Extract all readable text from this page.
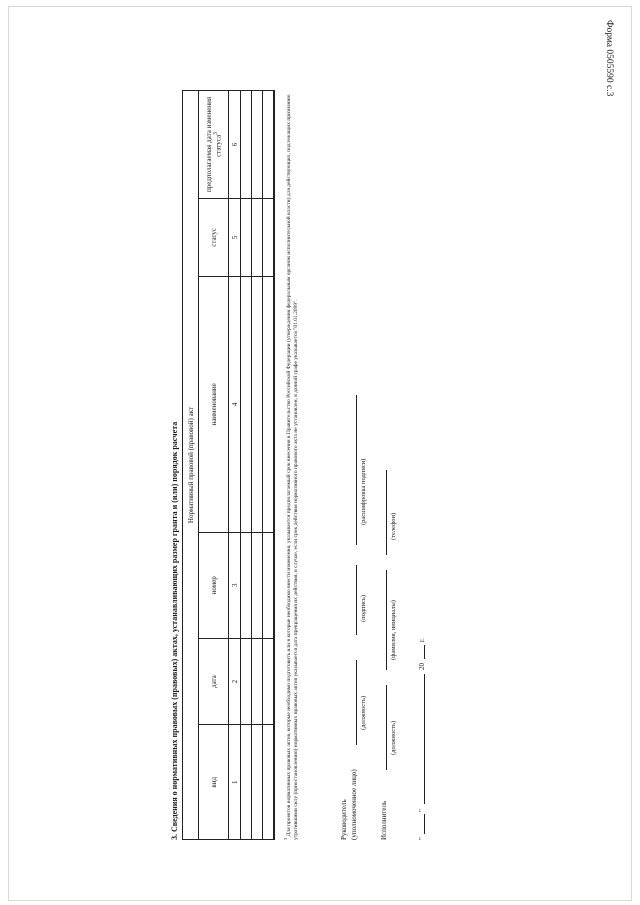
Форма 0505590 с.3
3. Сведения о нормативных правовых (правовых) актах, устанавливающих размер гранта и (или) порядок расчета Нормативный правовой (правовой) акт					
вид	дата	номер	наименование	статус	предполагаемая дата изменения статуса$^3$
1	2	3	4	5	6

$^3$ Для проектов нормативных правовых актов, которые необходимо подготовить или в которые необходимо внести изменения, указывается предполагаемый срок внесения в Правительство Российской Федерации (утверждения федеральным органом исполнительной власти) для действующих, подлежащих признанию утратившими силу (приостановлению) нормативных правовых актов указывается дата прекращения их действия, в случае, если срок действия нормативного правового акта не установлен, в данной графе указывается "01.01.2099".	Руководитель (уполномоченное лицо)
(должность)
(подпись)
(расшифровка подписи)
Исполнитель
(должность)
(фамилия, инициалы)
(телефон)
"
"
20
г.
